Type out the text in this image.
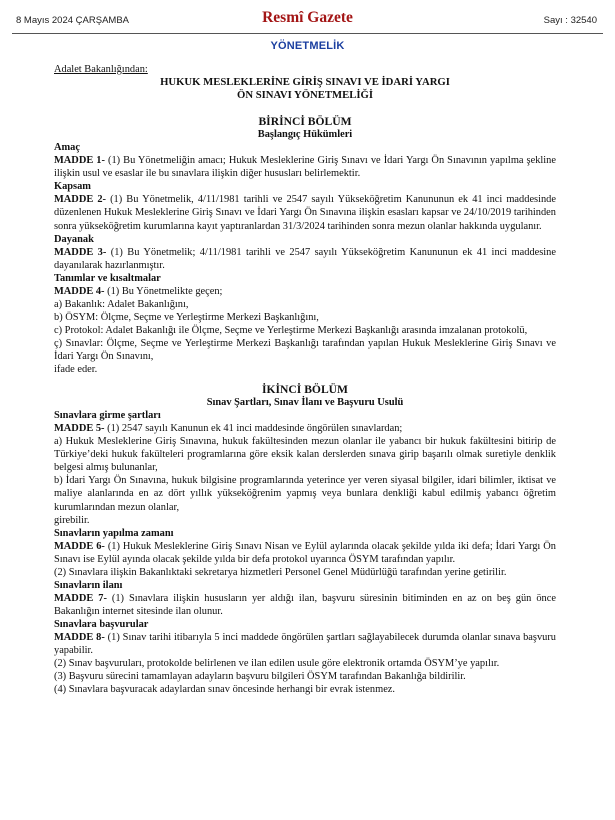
8 Mayıs 2024 ÇARŞAMBA	Resmî Gazete	Sayı : 32540
YÖNETMELİK

Adalet Bakanlığından:

HUKUK MESLEKLERİNE GİRİŞ SINAVI VE İDARİ YARGI

ÖN SINAVI YÖNETMELİĞİ

BİRİNCİ BÖLÜM

Başlangıç Hükümleri

Amaç

MADDE 1- (1) Bu Yönetmeliğin amacı; Hukuk Mesleklerine Giriş Sınavı ve İdari Yargı Ön Sınavının yapılma şekline ilişkin usul ve esaslar ile bu sınavlara ilişkin diğer hususları belirlemektir.

Kapsam

MADDE 2- (1) Bu Yönetmelik, 4/11/1981 tarihli ve 2547 sayılı Yükseköğretim Kanununun ek 41 inci maddesinde düzenlenen Hukuk Mesleklerine Giriş Sınavı ve İdari Yargı Ön Sınavına ilişkin esasları kapsar ve 24/10/2019 tarihinden sonra yükseköğretim kurumlarına kayıt yaptıranlardan 31/3/2024 tarihinden sonra mezun olanlar hakkında uygulanır.

Dayanak

MADDE 3- (1) Bu Yönetmelik; 4/11/1981 tarihli ve 2547 sayılı Yükseköğretim Kanununun ek 41 inci maddesine dayanılarak hazırlanmıştır.

Tanımlar ve kısaltmalar

MADDE 4- (1) Bu Yönetmelikte geçen;

a) Bakanlık: Adalet Bakanlığını,

b) ÖSYM: Ölçme, Seçme ve Yerleştirme Merkezi Başkanlığını,

c) Protokol: Adalet Bakanlığı ile Ölçme, Seçme ve Yerleştirme Merkezi Başkanlığı arasında imzalanan protokolü,

ç) Sınavlar: Ölçme, Seçme ve Yerleştirme Merkezi Başkanlığı tarafından yapılan Hukuk Mesleklerine Giriş Sınavı ve İdari Yargı Ön Sınavını,

ifade eder.

İKİNCİ BÖLÜM

Sınav Şartları, Sınav İlanı ve Başvuru Usulü

Sınavlara girme şartları

MADDE 5- (1) 2547 sayılı Kanunun ek 41 inci maddesinde öngörülen sınavlardan;

a) Hukuk Mesleklerine Giriş Sınavına, hukuk fakültesinden mezun olanlar ile yabancı bir hukuk fakültesini bitirip de Türkiye’deki hukuk fakülteleri programlarına göre eksik kalan derslerden sınava girip başarılı olmak suretiyle denklik belgesi almış bulunanlar,

b) İdari Yargı Ön Sınavına, hukuk bilgisine programlarında yeterince yer veren siyasal bilgiler, idari bilimler, iktisat ve maliye alanlarında en az dört yıllık yükseköğrenim yapmış veya bunlara denkliği kabul edilmiş yabancı öğretim kurumlarından mezun olanlar,

girebilir.

Sınavların yapılma zamanı

MADDE 6- (1) Hukuk Mesleklerine Giriş Sınavı Nisan ve Eylül aylarında olacak şekilde yılda iki defa; İdari Yargı Ön Sınavı ise Eylül ayında olacak şekilde yılda bir defa protokol uyarınca ÖSYM tarafından yapılır.

(2) Sınavlara ilişkin Bakanlıktaki sekretarya hizmetleri Personel Genel Müdürlüğü tarafından yerine getirilir.

Sınavların ilanı

MADDE 7- (1) Sınavlara ilişkin hususların yer aldığı ilan, başvuru süresinin bitiminden en az on beş gün önce Bakanlığın internet sitesinde ilan olunur.

Sınavlara başvurular

MADDE 8- (1) Sınav tarihi itibarıyla 5 inci maddede öngörülen şartları sağlayabilecek durumda olanlar sınava başvuru yapabilir.

(2) Sınav başvuruları, protokolde belirlenen ve ilan edilen usule göre elektronik ortamda ÖSYM’ye yapılır.

(3) Başvuru sürecini tamamlayan adayların başvuru bilgileri ÖSYM tarafından Bakanlığa bildirilir.

(4) Sınavlara başvuracak adaylardan sınav öncesinde herhangi bir evrak istenmez.
